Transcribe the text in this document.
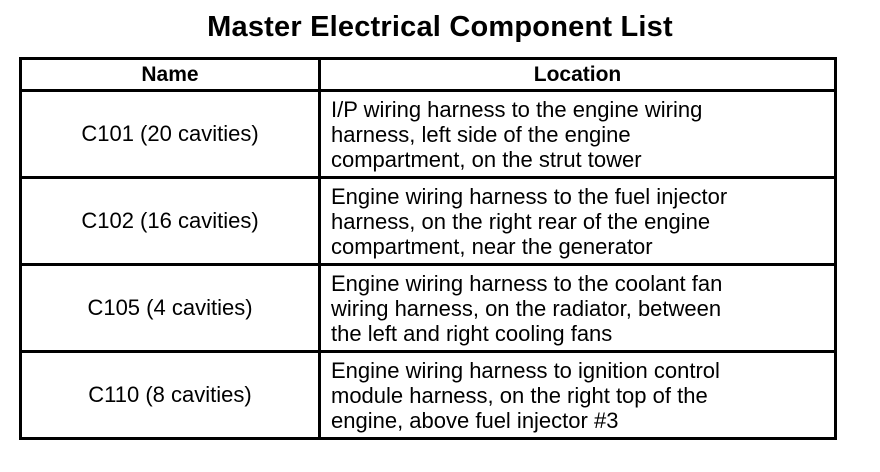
Master Electrical Component List
Name	Location
C101 (20 cavities)	I/P wiring harness to the engine wiring
harness, left side of the engine
compartment, on the strut tower

C102 (16 cavities)	Engine wiring harness to the fuel injector
harness, on the right rear of the engine
compartment, near the generator

C105 (4 cavities)	Engine wiring harness to the coolant fan
wiring harness, on the radiator, between
the left and right cooling fans

C110 (8 cavities)	Engine wiring harness to ignition control
module harness, on the right top of the
engine, above fuel injector #3
